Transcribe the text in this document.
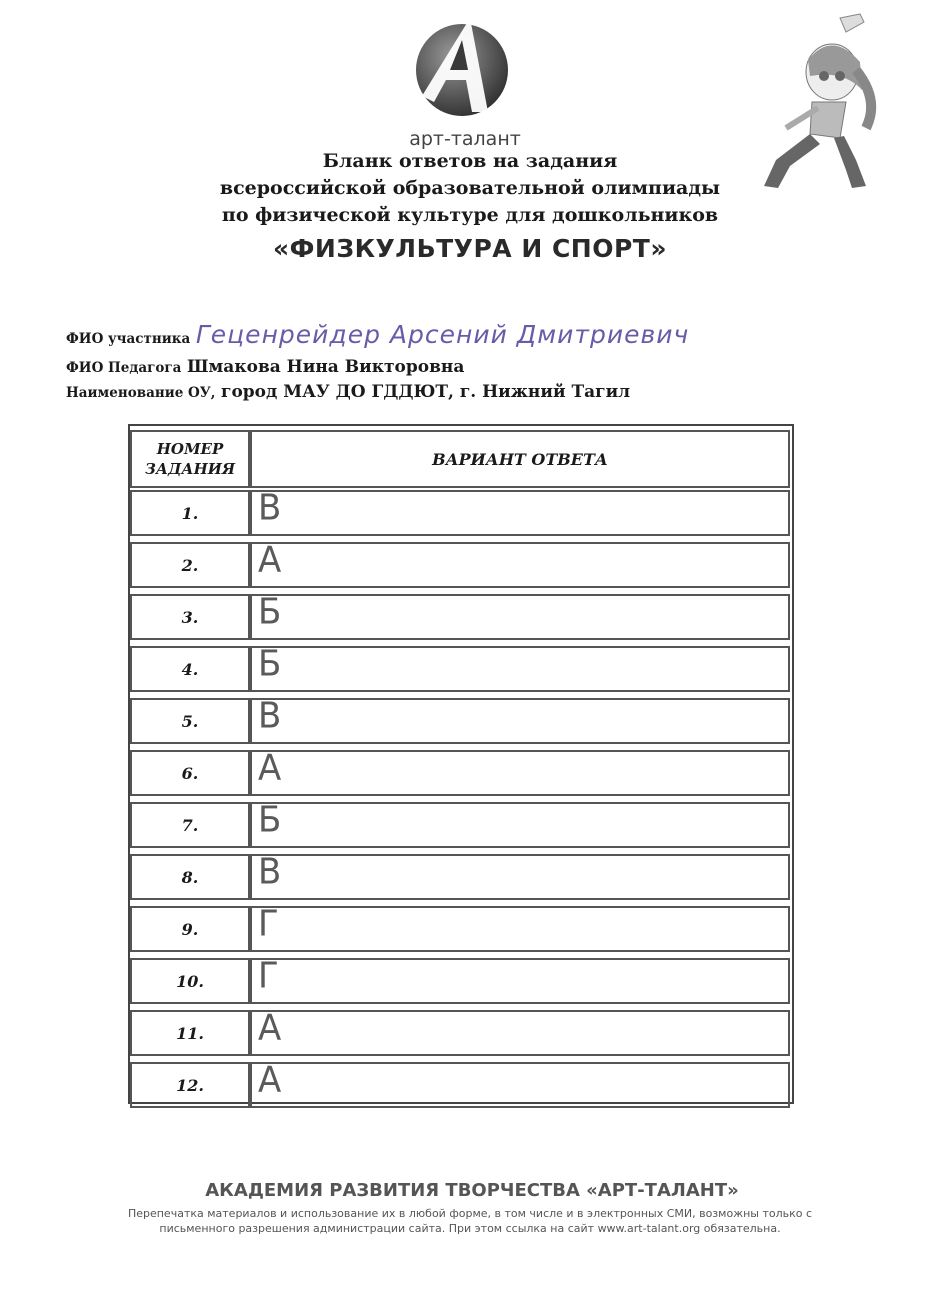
арт-талант
Бланк ответов на задания
всероссийской образовательной олимпиады
по физической культуре для дошкольников
«ФИЗКУЛЬТУРА И СПОРТ»
ФИО участника Гецeнрейдер Арсений Дмитриевич
ФИО Педагога Шмакова Нина Викторовна
Наименование ОУ, город МАУ ДО ГДДЮТ, г. Нижний Тагил
НОМЕР ЗАДАНИЯ
ВАРИАНТ ОТВЕТА
1.	В
2.	А
3.	Б
4.	Б
5.	В
6.	А
7.	Б
8.	В
9.	Г
10.	Г
11.	А
12.	А
АКАДЕМИЯ РАЗВИТИЯ ТВОРЧЕСТВА «АРТ-ТАЛАНТ»
Перепечатка материалов и использование их в любой форме, в том числе и в электронных СМИ, возможны только с
письменного разрешения администрации сайта. При этом ссылка на сайт www.art-talant.org обязательна.
